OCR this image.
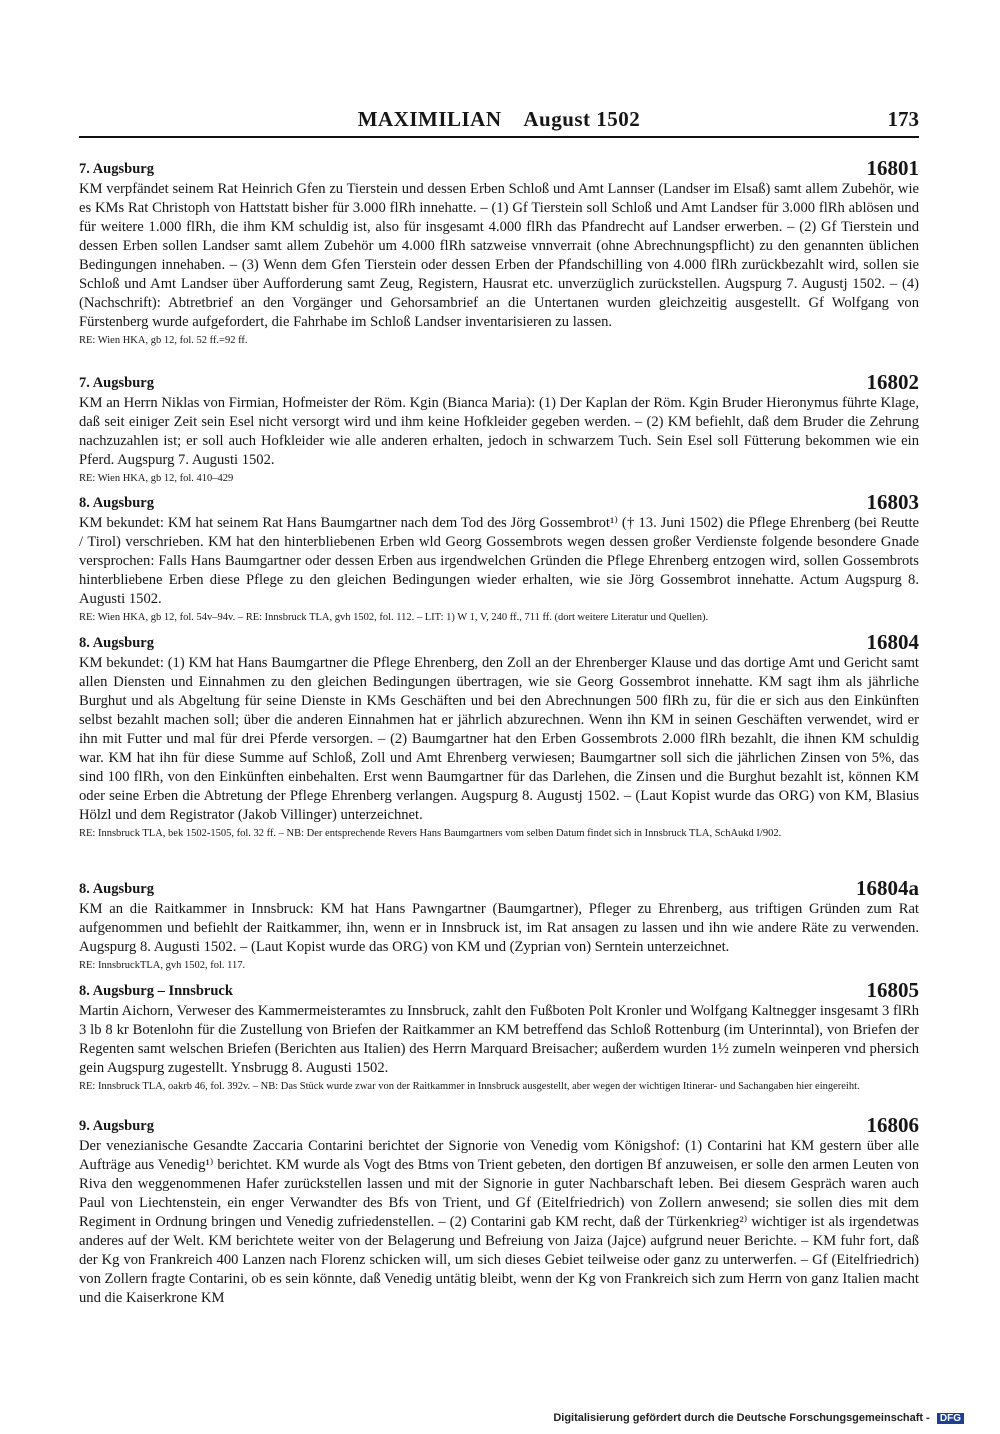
MAXIMILIAN    August 1502	173
7. Augsburg	16801

KM verpfändet seinem Rat Heinrich Gfen zu Tierstein und dessen Erben Schloß und Amt Lannser (Landser im Elsaß) samt allem Zubehör, wie es KMs Rat Christoph von Hattstatt bisher für 3.000 flRh innehatte. – (1) Gf Tierstein soll Schloß und Amt Landser für 3.000 flRh ablösen und für weitere 1.000 flRh, die ihm KM schuldig ist, also für insgesamt 4.000 flRh das Pfandrecht auf Landser erwerben. – (2) Gf Tierstein und dessen Erben sollen Landser samt allem Zubehör um 4.000 flRh satzweise vnnverrait (ohne Abrechnungspflicht) zu den genannten üblichen Bedingungen innehaben. – (3) Wenn dem Gfen Tierstein oder dessen Erben der Pfandschilling von 4.000 flRh zurückbezahlt wird, sollen sie Schloß und Amt Landser über Aufforderung samt Zeug, Registern, Hausrat etc. unverzüglich zurückstellen. Augspurg 7. Augustj 1502. – (4) (Nachschrift): Abtretbrief an den Vorgänger und Gehorsambrief an die Untertanen wurden gleichzeitig ausgestellt. Gf Wolfgang von Fürstenberg wurde aufgefordert, die Fahrhabe im Schloß Landser inventarisieren zu lassen.

RE: Wien HKA, gb 12, fol. 52 ff.=92 ff.
7. Augsburg	16802

KM an Herrn Niklas von Firmian, Hofmeister der Röm. Kgin (Bianca Maria): (1) Der Kaplan der Röm. Kgin Bruder Hieronymus führte Klage, daß seit einiger Zeit sein Esel nicht versorgt wird und ihm keine Hofkleider gegeben werden. – (2) KM befiehlt, daß dem Bruder die Zehrung nachzuzahlen ist; er soll auch Hofkleider wie alle anderen erhalten, jedoch in schwarzem Tuch. Sein Esel soll Fütterung bekommen wie ein Pferd. Augspurg 7. Augusti 1502.

RE: Wien HKA, gb 12, fol. 410–429
8. Augsburg	16803

KM bekundet: KM hat seinem Rat Hans Baumgartner nach dem Tod des Jörg Gossembrot¹⁾ († 13. Juni 1502) die Pflege Ehrenberg (bei Reutte / Tirol) verschrieben. KM hat den hinterbliebenen Erben wld Georg Gossembrots wegen dessen großer Verdienste folgende besondere Gnade versprochen: Falls Hans Baumgartner oder dessen Erben aus irgendwelchen Gründen die Pflege Ehrenberg entzogen wird, sollen Gossembrots hinterbliebene Erben diese Pflege zu den gleichen Bedingungen wieder erhalten, wie sie Jörg Gossembrot innehatte. Actum Augspurg 8. Augusti 1502.

RE: Wien HKA, gb 12, fol. 54v–94v. – RE: Innsbruck TLA, gvh 1502, fol. 112. – LIT: 1) W 1, V, 240 ff., 711 ff. (dort weitere Literatur und Quellen).
8. Augsburg	16804

KM bekundet: (1) KM hat Hans Baumgartner die Pflege Ehrenberg, den Zoll an der Ehrenberger Klause und das dortige Amt und Gericht samt allen Diensten und Einnahmen zu den gleichen Bedingungen übertragen, wie sie Georg Gossembrot innehatte. KM sagt ihm als jährliche Burghut und als Abgeltung für seine Dienste in KMs Geschäften und bei den Abrechnungen 500 flRh zu, für die er sich aus den Einkünften selbst bezahlt machen soll; über die anderen Einnahmen hat er jährlich abzurechnen. Wenn ihn KM in seinen Geschäften verwendet, wird er ihn mit Futter und mal für drei Pferde versorgen. – (2) Baumgartner hat den Erben Gossembrots 2.000 flRh bezahlt, die ihnen KM schuldig war. KM hat ihn für diese Summe auf Schloß, Zoll und Amt Ehrenberg verwiesen; Baumgartner soll sich die jährlichen Zinsen von 5%, das sind 100 flRh, von den Einkünften einbehalten. Erst wenn Baumgartner für das Darlehen, die Zinsen und die Burghut bezahlt ist, können KM oder seine Erben die Abtretung der Pflege Ehrenberg verlangen. Augspurg 8. Augustj 1502. – (Laut Kopist wurde das ORG) von KM, Blasius Hölzl und dem Registrator (Jakob Villinger) unterzeichnet.

RE: Innsbruck TLA, bek 1502-1505, fol. 32 ff. – NB: Der entsprechende Revers Hans Baumgartners vom selben Datum findet sich in Innsbruck TLA, SchAukd I/902.
8. Augsburg	16804a

KM an die Raitkammer in Innsbruck: KM hat Hans Pawngartner (Baumgartner), Pfleger zu Ehrenberg, aus triftigen Gründen zum Rat aufgenommen und befiehlt der Raitkammer, ihn, wenn er in Innsbruck ist, im Rat ansagen zu lassen und ihn wie andere Räte zu verwenden. Augspurg 8. Augusti 1502. – (Laut Kopist wurde das ORG) von KM und (Zyprian von) Serntein unterzeichnet.

RE: InnsbruckTLA, gvh 1502, fol. 117.
8. Augsburg – Innsbruck	16805

Martin Aichorn, Verweser des Kammermeisteramtes zu Innsbruck, zahlt den Fußboten Polt Kronler und Wolfgang Kaltnegger insgesamt 3 flRh 3 lb 8 kr Botenlohn für die Zustellung von Briefen der Raitkammer an KM betreffend das Schloß Rottenburg (im Unterinntal), von Briefen der Regenten samt welschen Briefen (Berichten aus Italien) des Herrn Marquard Breisacher; außerdem wurden 1½ zumeln weinperen vnd phersich gein Augspurg zugestellt. Ynsbrugg 8. Augusti 1502.

RE: Innsbruck TLA, oakrb 46, fol. 392v. – NB: Das Stück wurde zwar von der Raitkammer in Innsbruck ausgestellt, aber wegen der wichtigen Itinerar- und Sachangaben hier eingereiht.
9. Augsburg	16806

Der venezianische Gesandte Zaccaria Contarini berichtet der Signorie von Venedig vom Königshof: (1) Contarini hat KM gestern über alle Aufträge aus Venedig¹⁾ berichtet. KM wurde als Vogt des Btms von Trient gebeten, den dortigen Bf anzuweisen, er solle den armen Leuten von Riva den weggenommenen Hafer zurückstellen lassen und mit der Signorie in guter Nachbarschaft leben. Bei diesem Gespräch waren auch Paul von Liechtenstein, ein enger Verwandter des Bfs von Trient, und Gf (Eitelfriedrich) von Zollern anwesend; sie sollen dies mit dem Regiment in Ordnung bringen und Venedig zufriedenstellen. – (2) Contarini gab KM recht, daß der Türkenkrieg²⁾ wichtiger ist als irgendetwas anderes auf der Welt. KM berichtete weiter von der Belagerung und Befreiung von Jaiza (Jajce) aufgrund neuer Berichte. – KM fuhr fort, daß der Kg von Frankreich 400 Lanzen nach Florenz schicken will, um sich dieses Gebiet teilweise oder ganz zu unterwerfen. – Gf (Eitelfriedrich) von Zollern fragte Contarini, ob es sein könnte, daß Venedig untätig bleibt, wenn der Kg von Frankreich sich zum Herrn von ganz Italien macht und die Kaiserkrone KM

Digitalisierung gefördert durch die Deutsche Forschungsgemeinschaft - DFG
